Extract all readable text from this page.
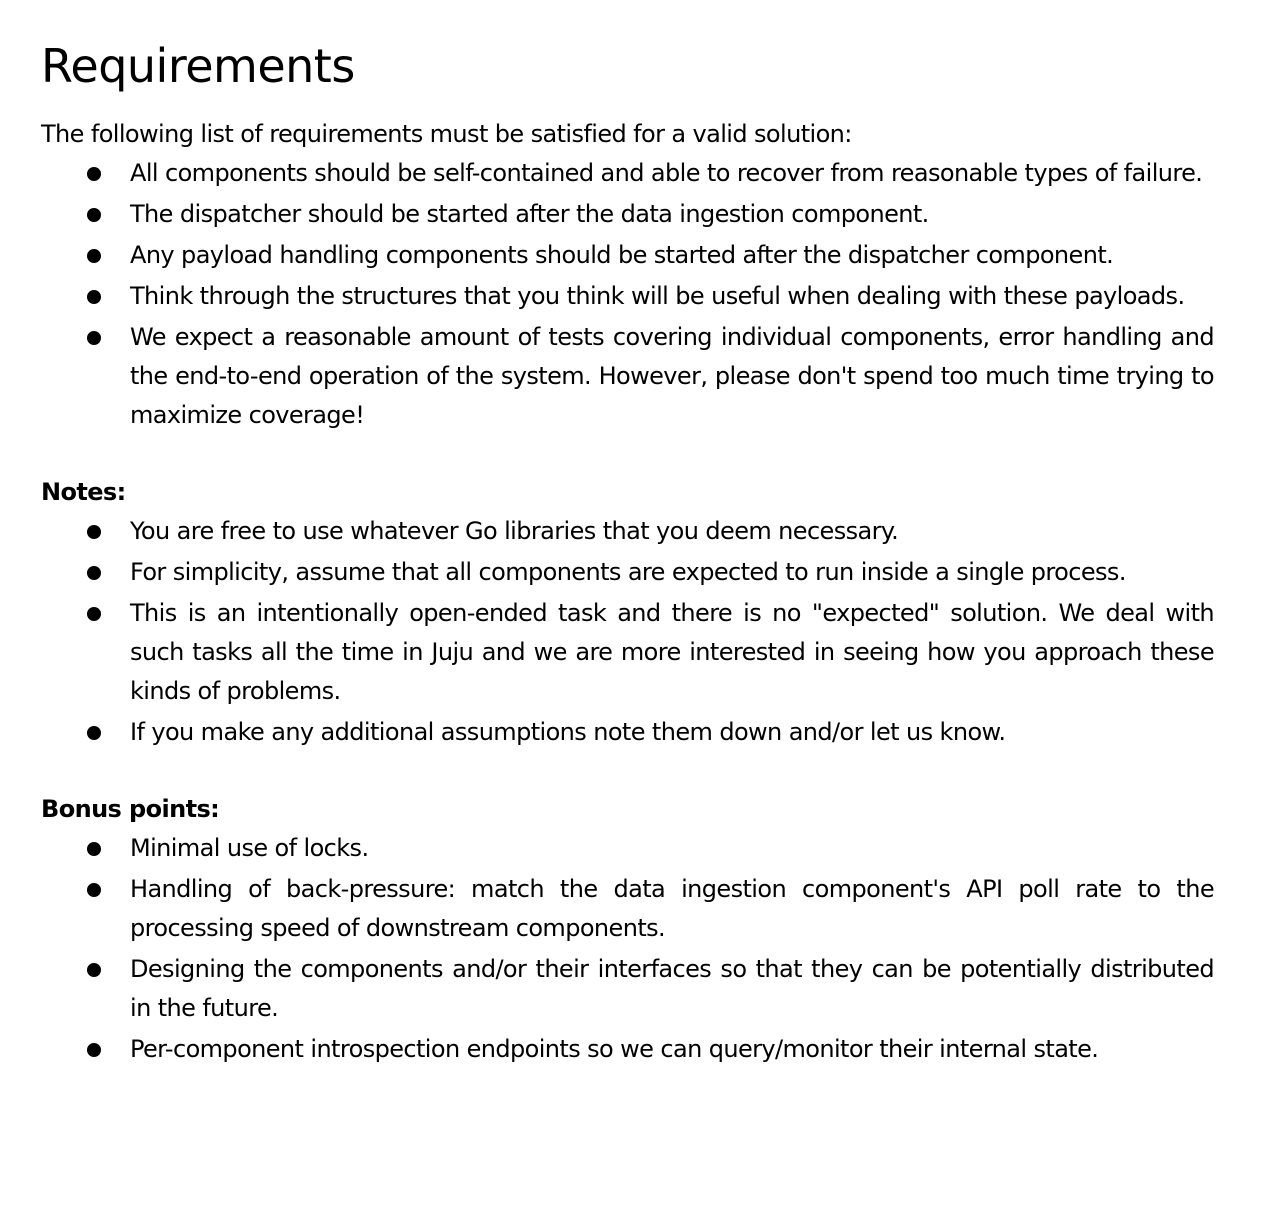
Requirements

The following list of requirements must be satisfied for a valid solution:

All components should be self-contained and able to recover from reasonable types of failure.
The dispatcher should be started after the data ingestion component.
Any payload handling components should be started after the dispatcher component.
Think through the structures that you think will be useful when dealing with these payloads.
We expect a reasonable amount of tests covering individual components, error handling and the end-to-end operation of the system. However, please don't spend too much time trying to maximize coverage!

Notes:

You are free to use whatever Go libraries that you deem necessary.
For simplicity, assume that all components are expected to run inside a single process.
This is an intentionally open-ended task and there is no "expected" solution. We deal with such tasks all the time in Juju and we are more interested in seeing how you approach these kinds of problems.
If you make any additional assumptions note them down and/or let us know.

Bonus points:

Minimal use of locks.
Handling of back-pressure: match the data ingestion component's API poll rate to the processing speed of downstream components.
Designing the components and/or their interfaces so that they can be potentially distributed in the future.
Per-component introspection endpoints so we can query/monitor their internal state.
